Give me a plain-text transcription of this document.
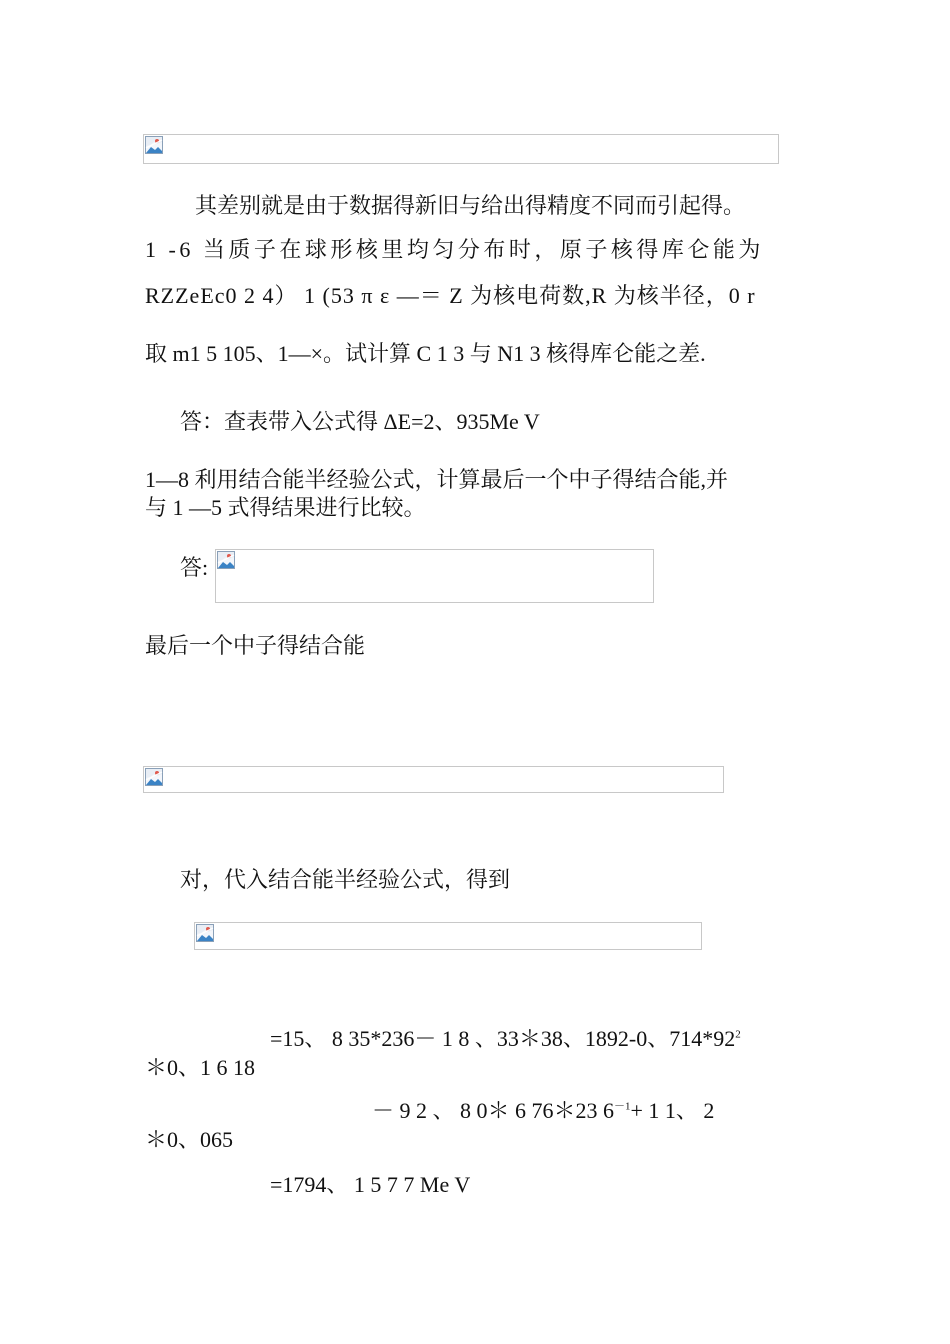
其差别就是由于数据得新旧与给出得精度不同而引起得。
1 -6 当质子在球形核里均匀分布时，原子核得库仑能为
RZZeEc0 2 4） 1 (53 π ε —＝ Z 为核电荷数,R 为核半径，0 r
取 m1 5 105、1—×。试计算 C 1 3 与 N1 3 核得库仑能之差.
答：查表带入公式得 ΔE=2、935Me V
1—8 利用结合能半经验公式，计算最后一个中子得结合能,并
与 1 —5 式得结果进行比较。
答:
最后一个中子得结合能
对，代入结合能半经验公式，得到
=15、 8 35*236－ 1 8 、33＊38、1892-0、$714*92^2$
＊0、1 6 18
－ 9 2 、 8 0＊ 6 76＊23 $6^{-1}+ 1$ 1、 2
＊0、065
=1794、 1 5 7 7 Me V
